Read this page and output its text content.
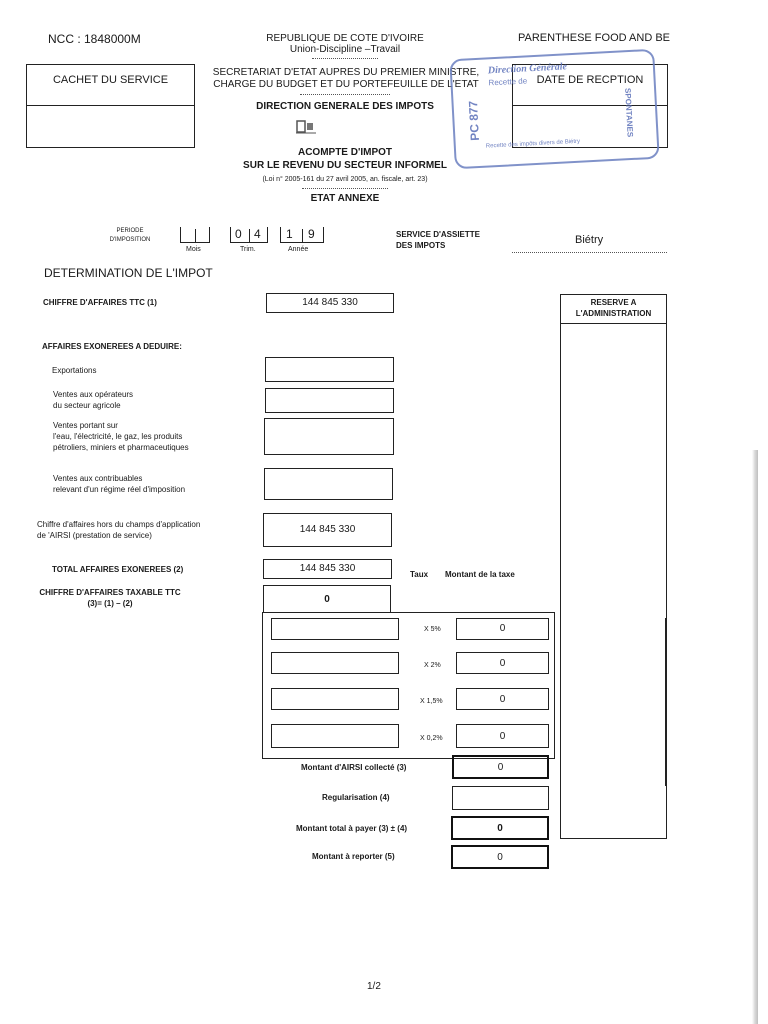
NCC : 1848000M	REPUBLIQUE DE COTE D'IVOIRE
Union-Discipline –Travail
PARENTHESE FOOD AND BE
CACHET DU SERVICE
SECRETARIAT D'ETAT AUPRES DU PREMIER MINISTRE,
CHARGE DU BUDGET ET DU PORTEFEUILLE DE L'ETAT
DIRECTION GENERALE DES IMPOTS
DATE DE RECPTION
Direction Générale
Recette de
PC 877	SPONTANES
Recette des impôts divers de Biétry
ACOMPTE D'IMPOT
SUR LE REVENU DU SECTEUR INFORMEL
(Loi n° 2005-161 du 27 avril 2005, an. fiscale, art. 23)
ETAT ANNEXE
PERIODE
D'IMPOSITION
Mois
0 4
Trim.
1 9
Année
SERVICE D'ASSIETTE
DES IMPOTS	Biétry
DETERMINATION DE L'IMPOT
RESERVE A
L'ADMINISTRATION
CHIFFRE D'AFFAIRES TTC (1)	144 845 330
AFFAIRES EXONEREES A DEDUIRE:
Exportations
Ventes aux opérateurs
du secteur agricole
Ventes portant sur
l'eau, l'électricité, le gaz, les produits
pétroliers, miniers et pharmaceutiques
Ventes aux contribuables
relevant d'un régime réel d'imposition
Chiffre d'affaires hors du champs d'application
de 'AIRSI (prestation de service)
144 845 330
TOTAL AFFAIRES EXONEREES (2)	144 845 330
Taux Montant de la taxe
CHIFFRE D'AFFAIRES TAXABLE TTC
(3)= (1) – (2)	0
X 5%	0
X 2%	0
X 1,5%	0
X 0,2%	0
Montant d'AIRSI collecté (3)	0
Regularisation (4)
Montant total à payer (3) ± (4)	0
Montant à reporter (5)	0
1/2
